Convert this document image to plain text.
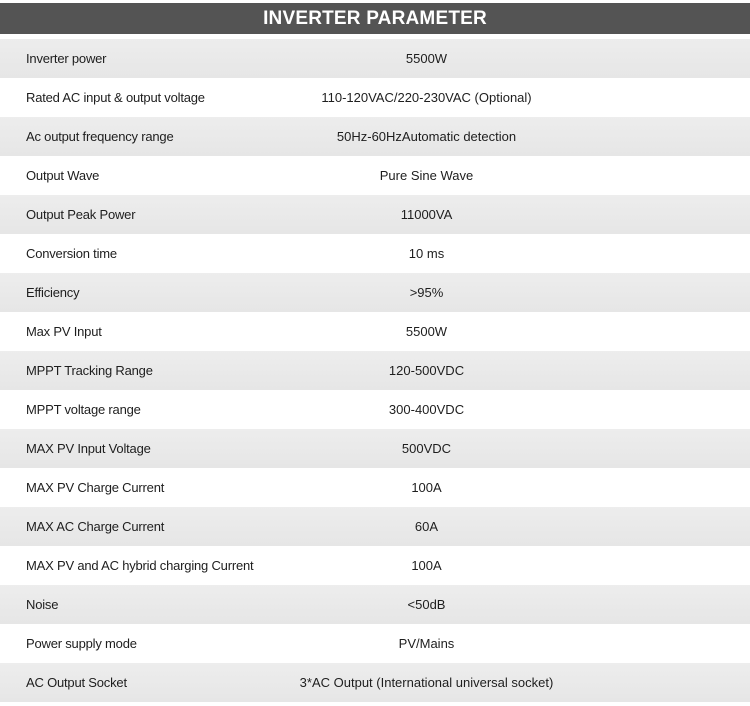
INVERTER PARAMETER
Inverter power	5500W
Rated AC input & output voltage	110-120VAC/220-230VAC (Optional)
Ac output frequency range	50Hz-60HzAutomatic detection
Output Wave	Pure Sine Wave
Output Peak Power	11000VA
Conversion time	10 ms
Efficiency	>95%
Max PV Input	5500W
MPPT Tracking Range	120-500VDC
MPPT voltage range	300-400VDC
MAX PV Input Voltage	500VDC
MAX PV Charge Current	100A
MAX AC Charge Current	60A
MAX PV and AC hybrid charging Current	100A
Noise	<50dB
Power supply mode	PV/Mains
AC Output Socket	3*AC Output (International universal socket)
